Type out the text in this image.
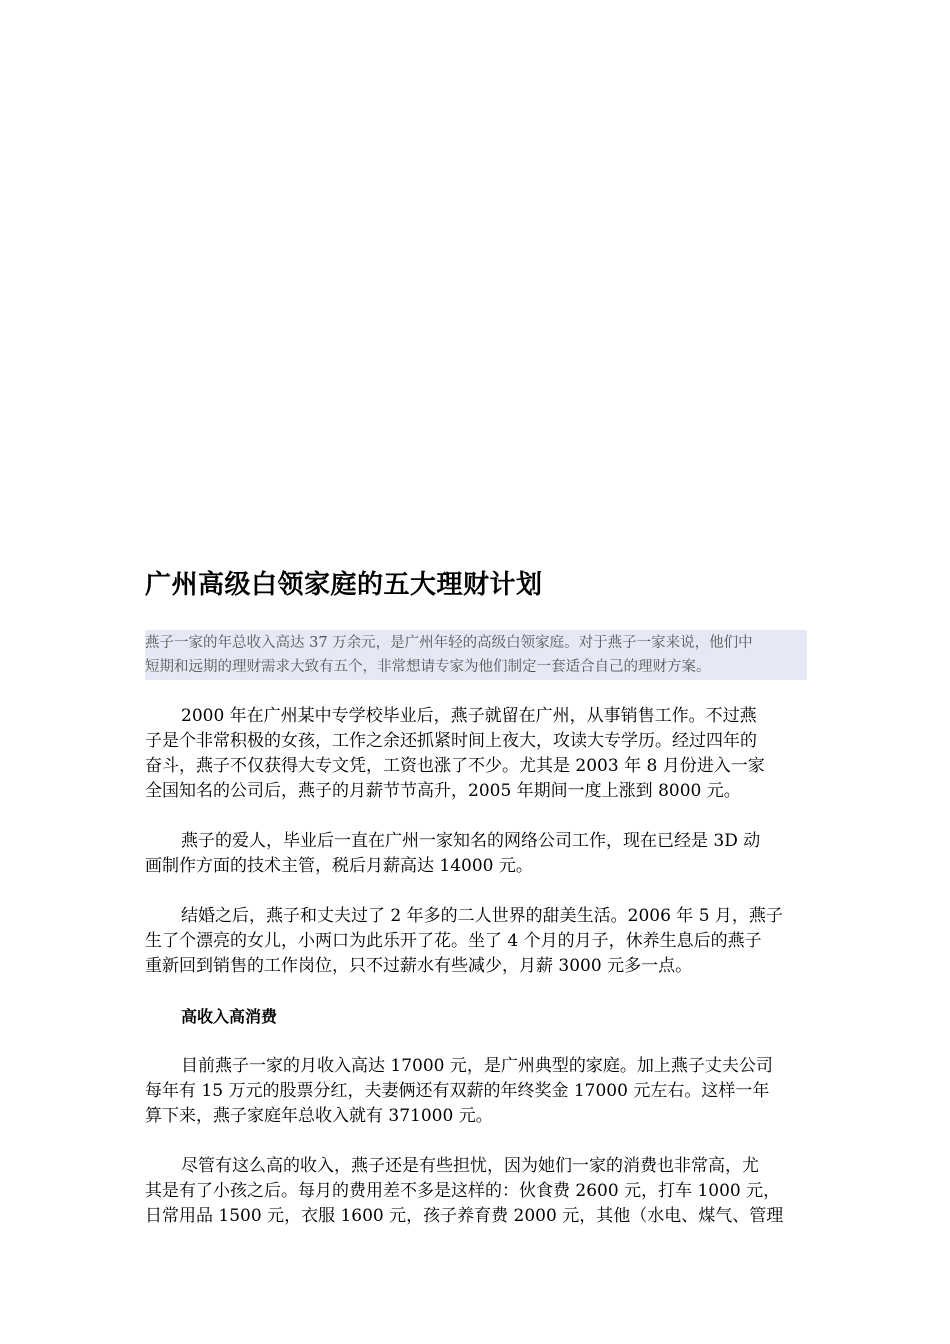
广州高级白领家庭的五大理财计划
燕子一家的年总收入高达 37 万余元，是广州年轻的高级白领家庭。对于燕子一家来说，他们中
短期和远期的理财需求大致有五个，非常想请专家为他们制定一套适合自己的理财方案。

2000 年在广州某中专学校毕业后，燕子就留在广州，从事销售工作。不过燕
子是个非常积极的女孩，工作之余还抓紧时间上夜大，攻读大专学历。经过四年的
奋斗，燕子不仅获得大专文凭，工资也涨了不少。尤其是 2003 年 8 月份进入一家
全国知名的公司后，燕子的月薪节节高升，2005 年期间一度上涨到 8000 元。

燕子的爱人，毕业后一直在广州一家知名的网络公司工作，现在已经是 3D 动
画制作方面的技术主管，税后月薪高达 14000 元。

结婚之后，燕子和丈夫过了 2 年多的二人世界的甜美生活。2006 年 5 月，燕子
生了个漂亮的女儿，小两口为此乐开了花。坐了 4 个月的月子，休养生息后的燕子
重新回到销售的工作岗位，只不过薪水有些减少，月薪 3000 元多一点。

高收入高消费

目前燕子一家的月收入高达 17000 元，是广州典型的家庭。加上燕子丈夫公司
每年有 15 万元的股票分红，夫妻俩还有双薪的年终奖金 17000 元左右。这样一年
算下来，燕子家庭年总收入就有 371000 元。

尽管有这么高的收入，燕子还是有些担忧，因为她们一家的消费也非常高，尤
其是有了小孩之后。每月的费用差不多是这样的：伙食费 2600 元，打车 1000 元，
日常用品 1500 元，衣服 1600 元，孩子养育费 2000 元，其他（水电、煤气、管理
